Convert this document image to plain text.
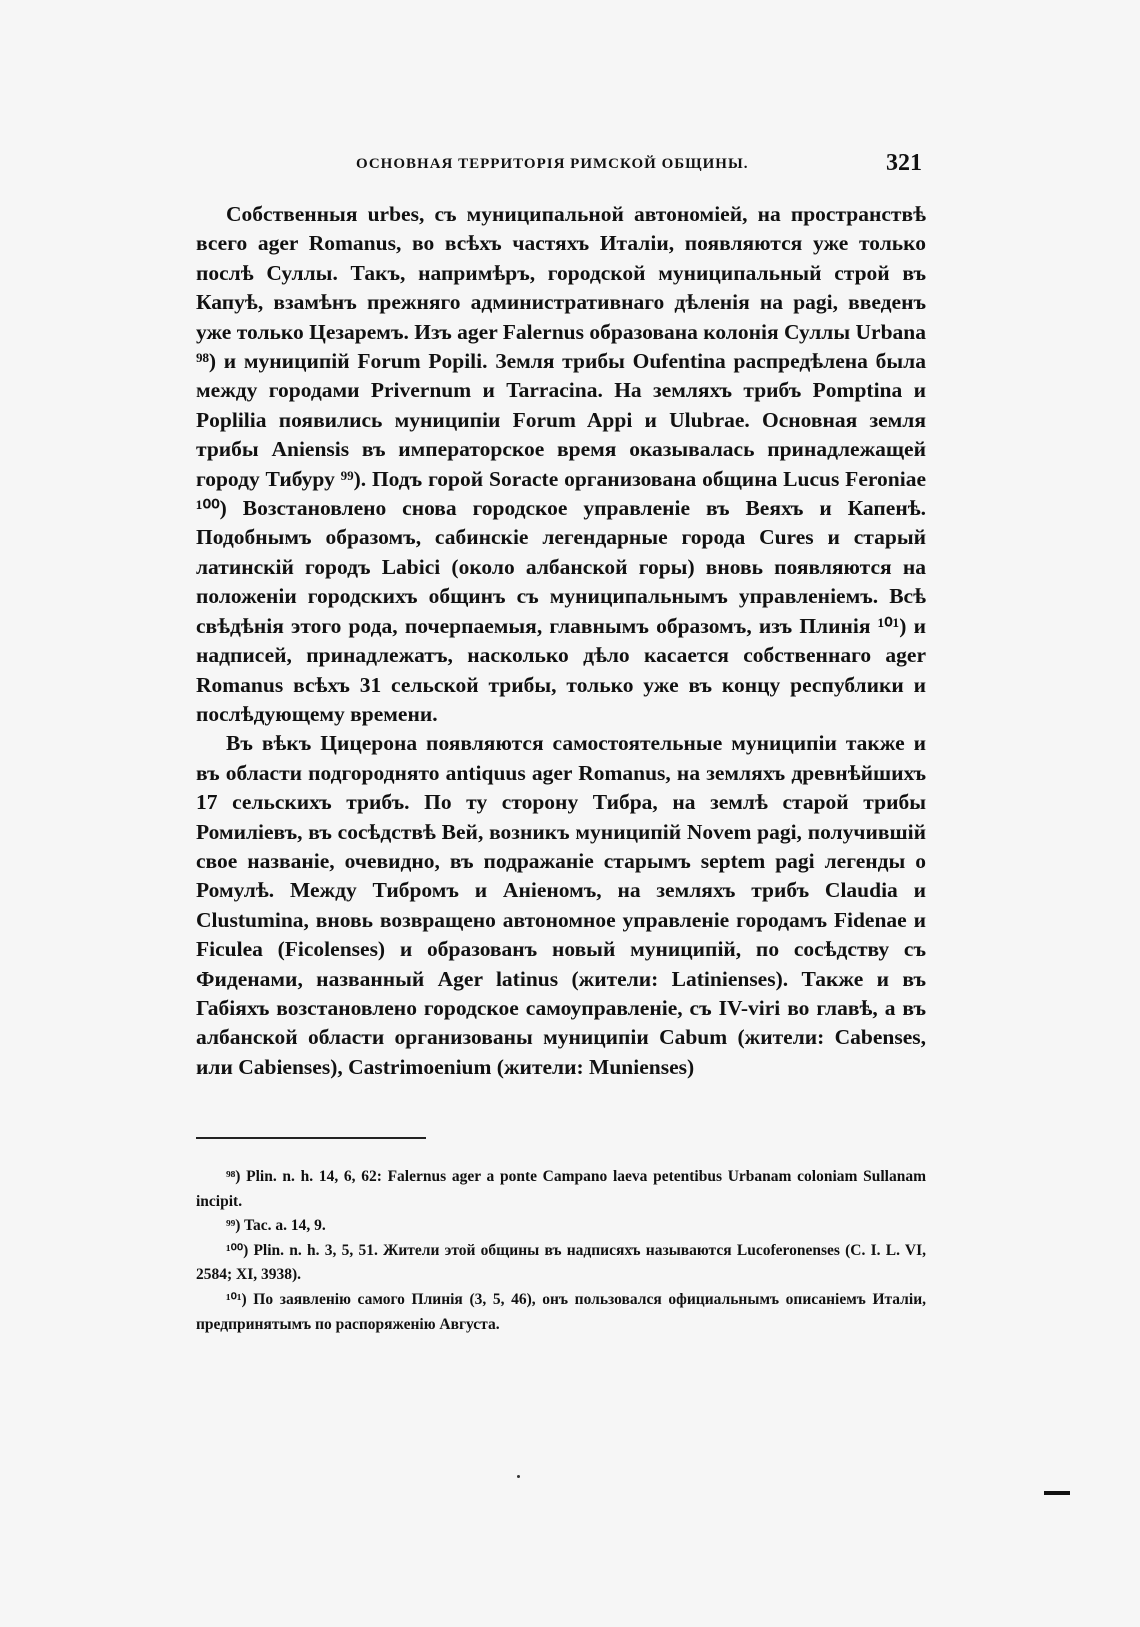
ОСНОВНАЯ ТЕРРИТОРІЯ РИМСКОЙ ОБЩИНЫ.	321

Собственныя urbes, съ муниципальной автономіей, на пространствѣ всего ager Romanus, во всѣхъ частяхъ Италіи, появляются уже только послѣ Суллы. Такъ, напримѣръ, городской муниципальный строй въ Капуѣ, взамѣнъ прежняго административнаго дѣленія на pagi, введенъ уже только Цезаремъ. Изъ ager Falernus образована колонія Суллы Urbana ⁹⁸) и муниципій Forum Popili. Земля трибы Oufentina распредѣлена была между городами Privernum и Tarracina. На земляхъ трибъ Pomptina и Poplilia появились муниципіи Forum Appi и Ulubrae. Основная земля трибы Aniensis въ императорское время оказывалась принадлежащей городу Тибуру ⁹⁹). Подъ горой Soracte организована община Lucus Feroniae ¹⁰⁰) Возстановлено снова городское управленіе въ Веяхъ и Капенѣ. Подобнымъ образомъ, сабинскіе легендарные города Cures и старый латинскій городъ Labici (около албанской горы) вновь появляются на положеніи городскихъ общинъ съ муниципальнымъ управленіемъ. Всѣ свѣдѣнія этого рода, почерпаемыя, главнымъ образомъ, изъ Плинія ¹⁰¹) и надписей, принадлежатъ, насколько дѣло касается собственнаго ager Romanus всѣхъ 31 сельской трибы, только уже въ концу республики и послѣдующему времени.

Въ вѣкъ Цицерона появляются самостоятельные муниципіи также и въ области подгороднято antiquus ager Romanus, на земляхъ древнѣйшихъ 17 сельскихъ трибъ. По ту сторону Тибра, на землѣ старой трибы Ромиліевъ, въ сосѣдствѣ Вей, возникъ муниципій Novem pagi, получившій свое названіе, очевидно, въ подражаніе старымъ septem pagi легенды о Ромулѣ. Между Тибромъ и Аніеномъ, на земляхъ трибъ Claudia и Clustumina, вновь возвращено автономное управленіе городамъ Fidenae и Ficulea (Ficolenses) и образованъ новый муниципій, по сосѣдству съ Фиденами, названный Ager latinus (жители: Latinienses). Также и въ Габіяхъ возстановлено городское самоуправленіе, съ IV-viri во главѣ, а въ албанской области организованы муниципіи Cabum (жители: Cabenses, или Cabienses), Castrimoenium (жители: Munienses)

⁹⁸) Plin. n. h. 14, 6, 62: Falernus ager a ponte Campano laeva petentibus Urbanam coloniam Sullanam incipit.

⁹⁹) Tac. a. 14, 9.

¹⁰⁰) Plin. n. h. 3, 5, 51. Жители этой общины въ надписяхъ называются Lucoferonenses (C. I. L. VI, 2584; XI, 3938).

¹⁰¹) По заявленію самого Плинія (3, 5, 46), онъ пользовался официальнымъ описаніемъ Италіи, предпринятымъ по распоряженію Августа.
